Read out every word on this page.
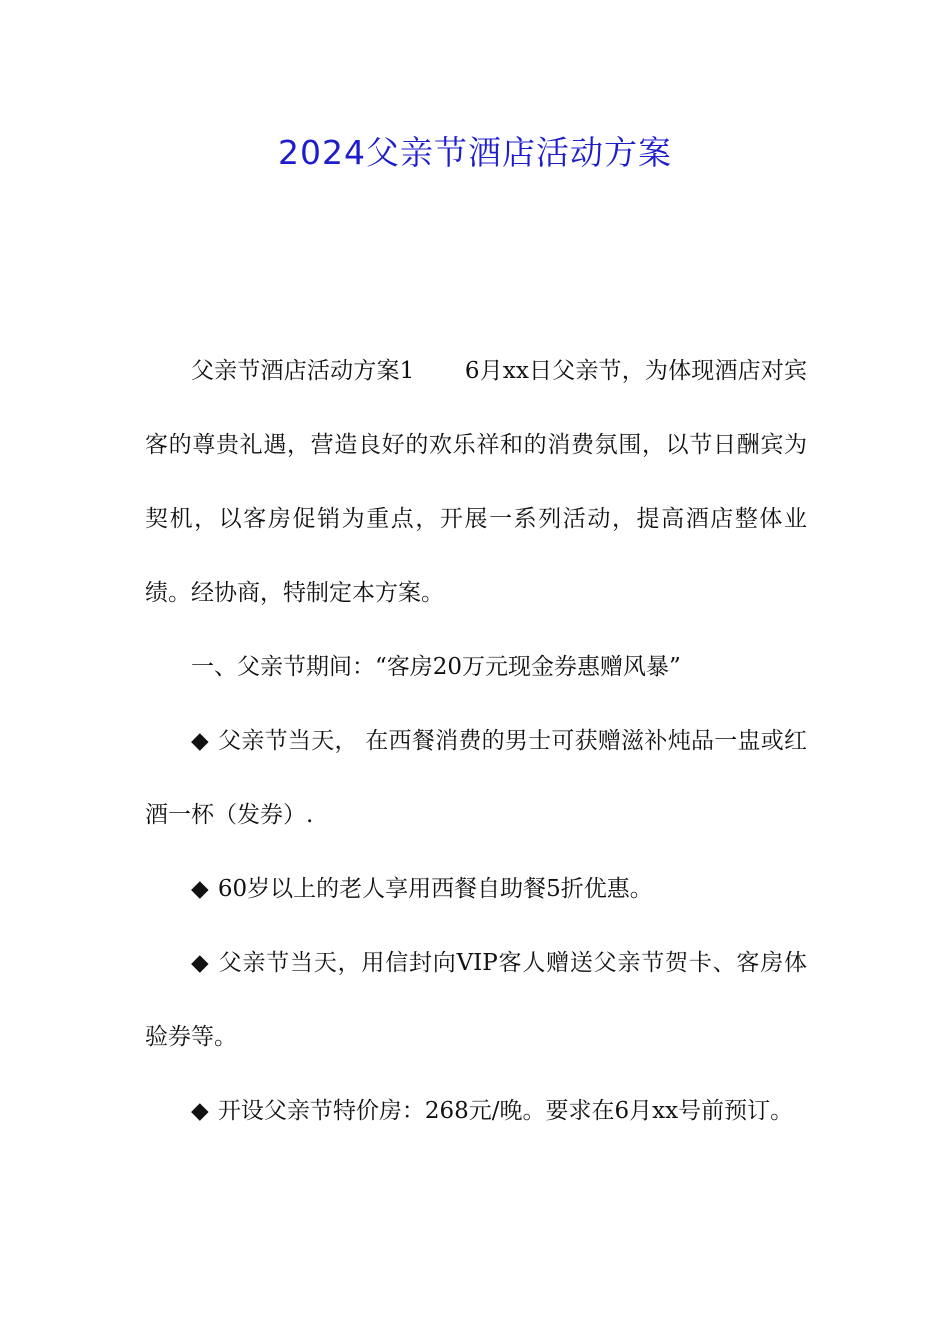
2024父亲节酒店活动方案

父亲节酒店活动方案1 6月xx日父亲节，为体现酒店对宾客的尊贵礼遇，营造良好的欢乐祥和的消费氛围，以节日酬宾为契机，以客房促销为重点，开展一系列活动，提高酒店整体业绩。经协商，特制定本方案。

一、父亲节期间：“客房20万元现金券惠赠风暴”

◆ 父亲节当天， 在西餐消费的男士可获赠滋补炖品一盅或红酒一杯（发券）.

◆ 60岁以上的老人享用西餐自助餐5折优惠。

◆ 父亲节当天，用信封向VIP客人赠送父亲节贺卡、客房体验券等。

◆ 开设父亲节特价房：268元/晚。要求在6月xx号前预订。
